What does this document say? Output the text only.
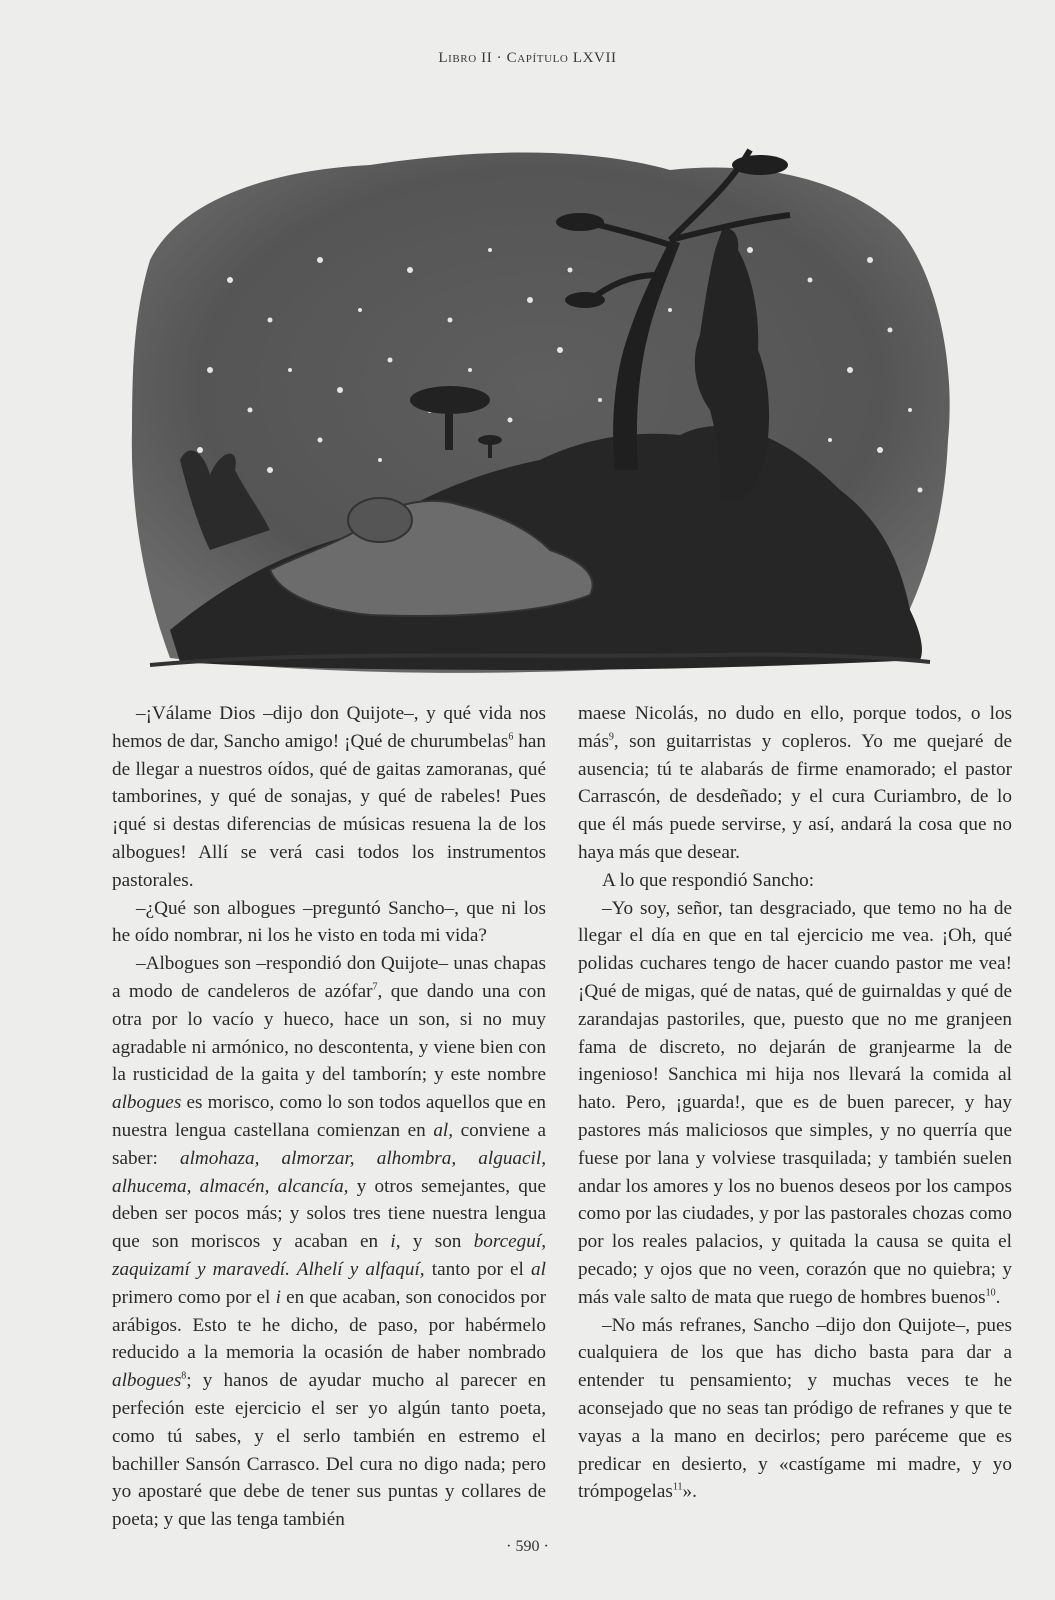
Libro II · Capítulo LXVII

–¡Válame Dios –dijo don Quijote–, y qué vida nos hemos de dar, Sancho amigo! ¡Qué de churumbelas$^6$ han de llegar a nuestros oídos, qué de gaitas zamoranas, qué tamborines, y qué de sonajas, y qué de rabeles! Pues ¡qué si destas diferencias de músicas resuena la de los albogues! Allí se verá casi todos los instrumentos pastorales.

–¿Qué son albogues –preguntó Sancho–, que ni los he oído nombrar, ni los he visto en toda mi vida?

–Albogues son –respondió don Quijote– unas chapas a modo de candeleros de azófar$^7$, que dando una con otra por lo vacío y hueco, hace un son, si no muy agradable ni armónico, no descontenta, y viene bien con la rusticidad de la gaita y del tamborín; y este nombre albogues es morisco, como lo son todos aquellos que en nuestra lengua castellana comienzan en al, conviene a saber: almohaza, almorzar, alhombra, alguacil, alhucema, almacén, alcancía, y otros semejantes, que deben ser pocos más; y solos tres tiene nuestra lengua que son moriscos y acaban en i, y son borceguí, zaquizamí y maravedí. Alhelí y alfaquí, tanto por el al primero como por el i en que acaban, son conocidos por arábigos. Esto te he dicho, de paso, por habérmelo reducido a la memoria la ocasión de haber nombrado albogues$^8$; y hanos de ayudar mucho al parecer en perfeción este ejercicio el ser yo algún tanto poeta, como tú sabes, y el serlo también en estremo el bachiller Sansón Carrasco. Del cura no digo nada; pero yo apostaré que debe de tener sus puntas y collares de poeta; y que las tenga también

maese Nicolás, no dudo en ello, porque todos, o los más$^9$, son guitarristas y copleros. Yo me quejaré de ausencia; tú te alabarás de firme enamorado; el pastor Carrascón, de desdeñado; y el cura Curiambro, de lo que él más puede servirse, y así, andará la cosa que no haya más que desear.

A lo que respondió Sancho:

–Yo soy, señor, tan desgraciado, que temo no ha de llegar el día en que en tal ejercicio me vea. ¡Oh, qué polidas cuchares tengo de hacer cuando pastor me vea! ¡Qué de migas, qué de natas, qué de guirnaldas y qué de zarandajas pastoriles, que, puesto que no me granjeen fama de discreto, no dejarán de granjearme la de ingenioso! Sanchica mi hija nos llevará la comida al hato. Pero, ¡guarda!, que es de buen parecer, y hay pastores más maliciosos que simples, y no querría que fuese por lana y volviese trasquilada; y también suelen andar los amores y los no buenos deseos por los campos como por las ciudades, y por las pastorales chozas como por los reales palacios, y quitada la causa se quita el pecado; y ojos que no veen, corazón que no quiebra; y más vale salto de mata que ruego de hombres buenos$^{10}$.

–No más refranes, Sancho –dijo don Quijote–, pues cualquiera de los que has dicho basta para dar a entender tu pensamiento; y muchas veces te he aconsejado que no seas tan pródigo de refranes y que te vayas a la mano en decirlos; pero paréceme que es predicar en desierto, y «castígame mi madre, y yo trómpogelas$^{11}$».

· 590 ·
